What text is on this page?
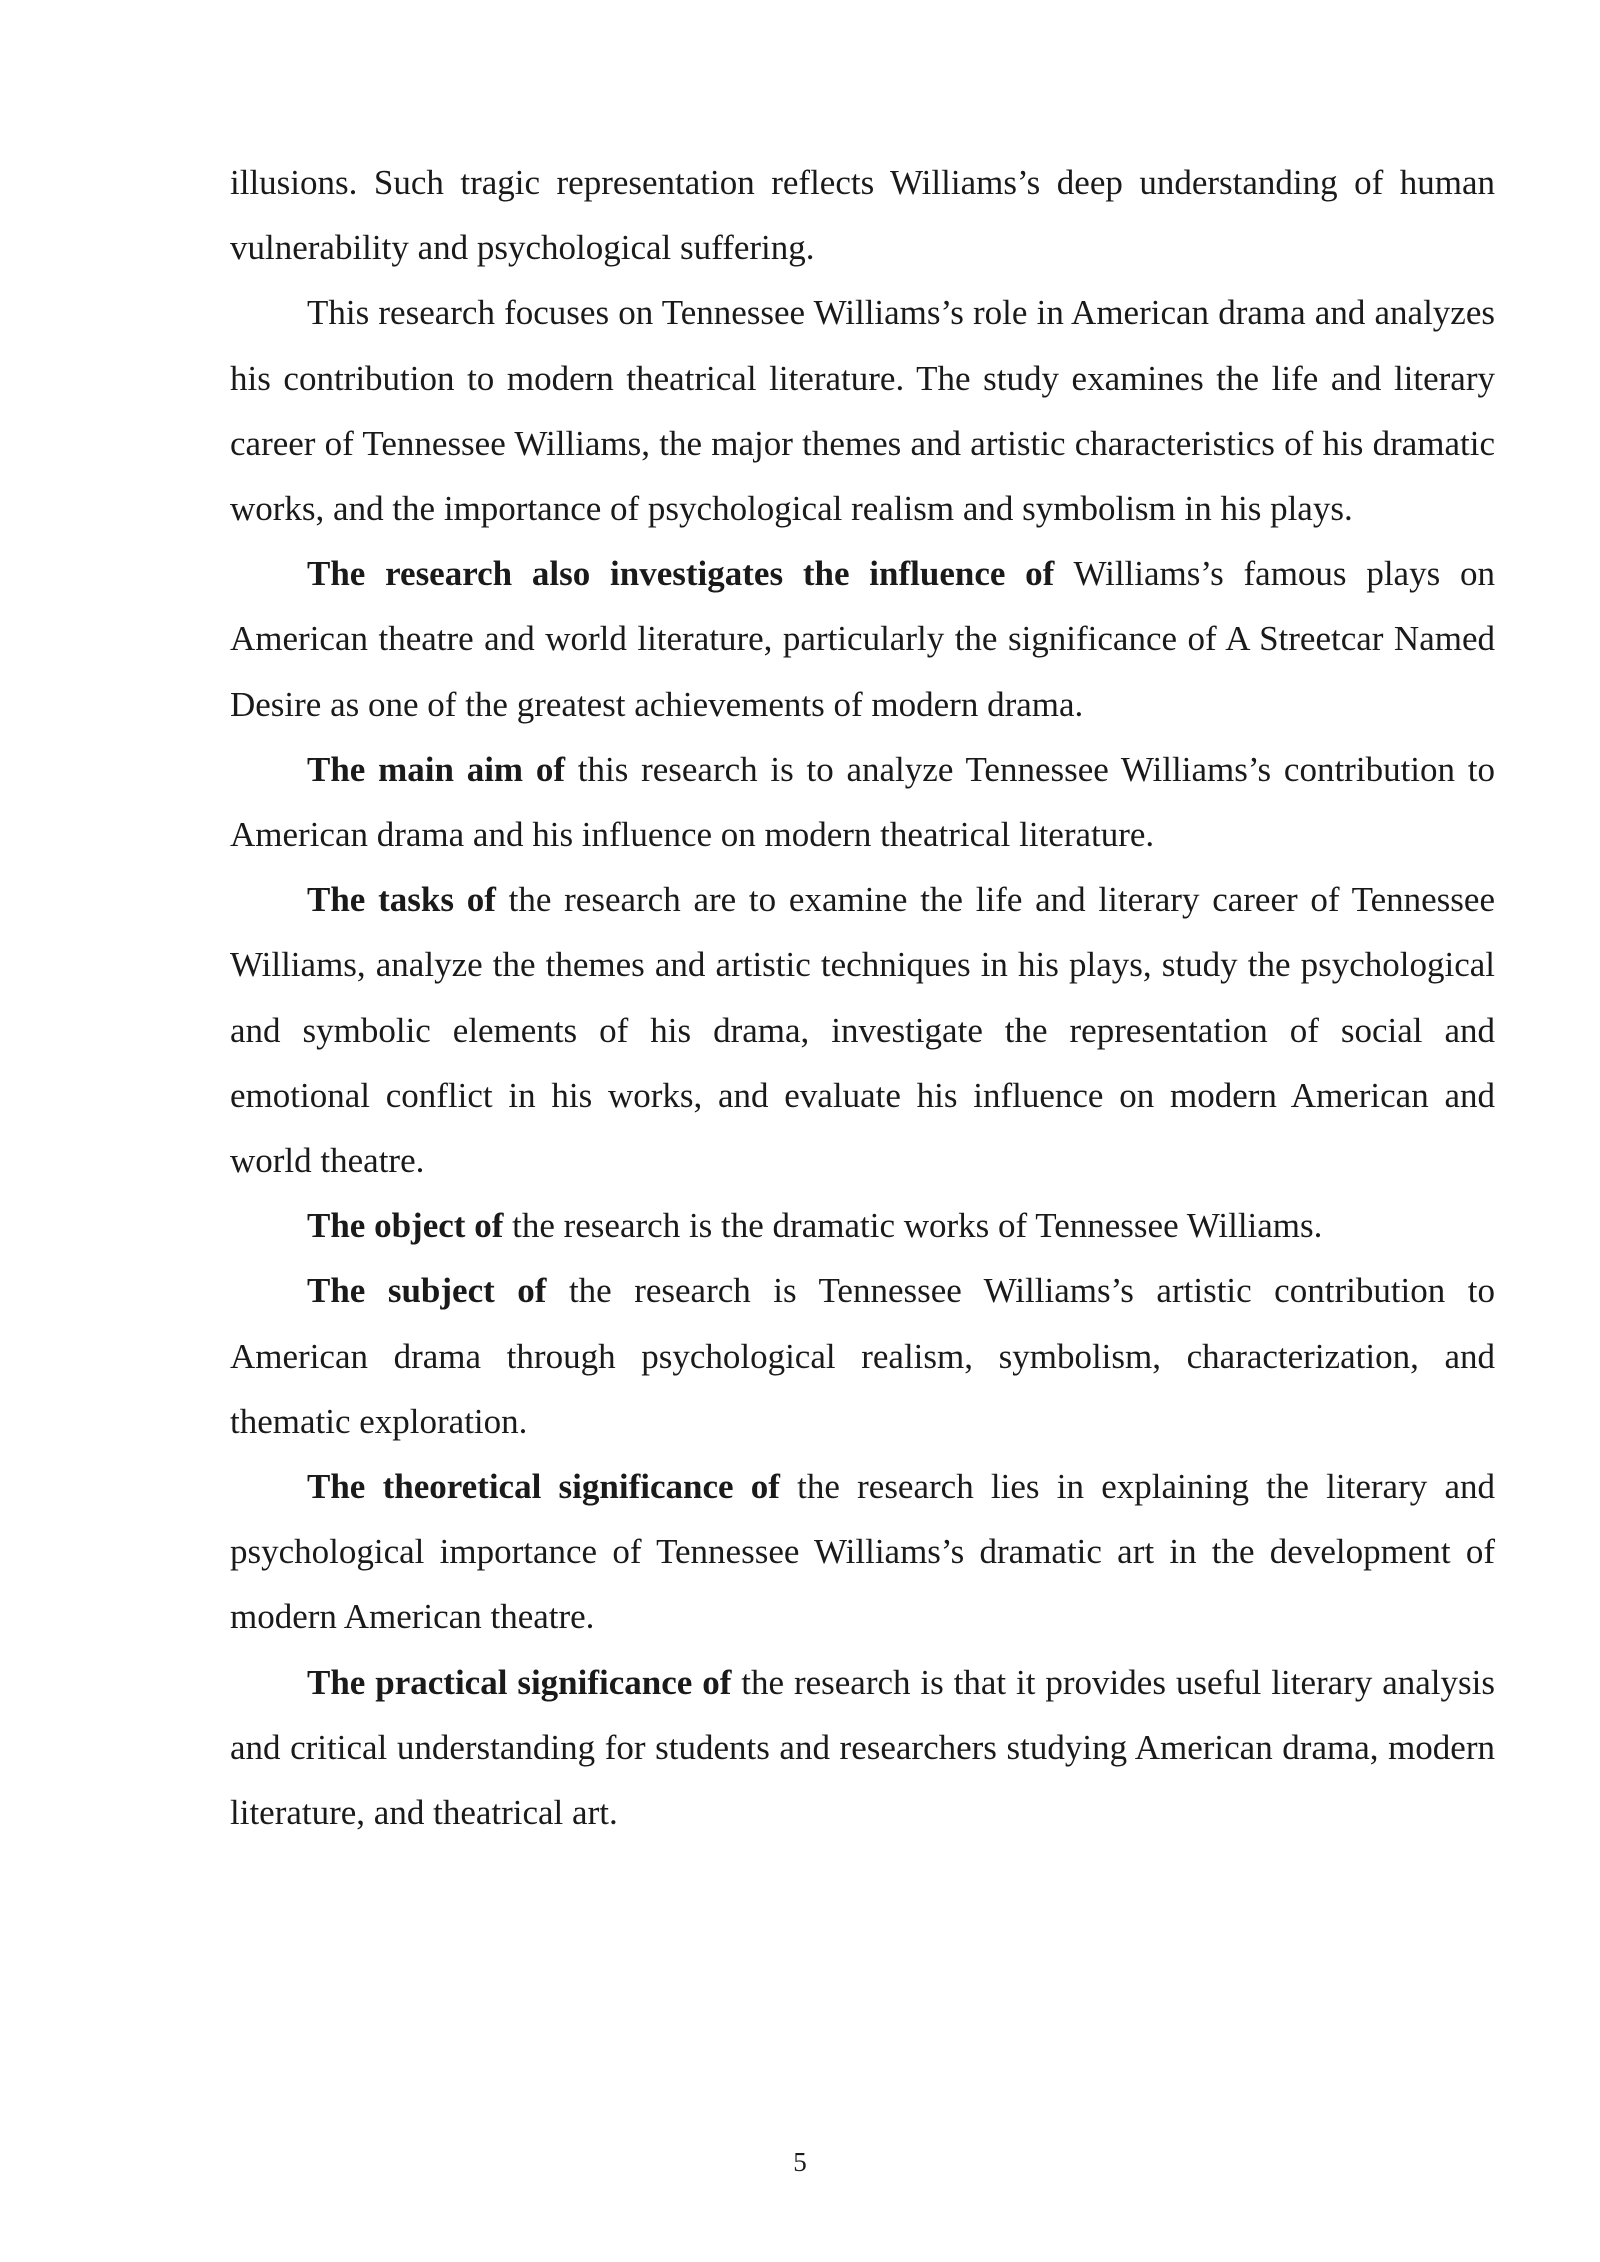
illusions. Such tragic representation reflects Williams’s deep understanding of human vulnerability and psychological suffering.

This research focuses on Tennessee Williams’s role in American drama and analyzes his contribution to modern theatrical literature. The study examines the life and literary career of Tennessee Williams, the major themes and artistic characteristics of his dramatic works, and the importance of psychological realism and symbolism in his plays.

The research also investigates the influence of Williams’s famous plays on American theatre and world literature, particularly the significance of A Streetcar Named Desire as one of the greatest achievements of modern drama.

The main aim of this research is to analyze Tennessee Williams’s contribution to American drama and his influence on modern theatrical literature.

The tasks of the research are to examine the life and literary career of Tennessee Williams, analyze the themes and artistic techniques in his plays, study the psychological and symbolic elements of his drama, investigate the representation of social and emotional conflict in his works, and evaluate his influence on modern American and world theatre.

The object of the research is the dramatic works of Tennessee Williams.

The subject of the research is Tennessee Williams’s artistic contribution to American drama through psychological realism, symbolism, characterization, and thematic exploration.

The theoretical significance of the research lies in explaining the literary and psychological importance of Tennessee Williams’s dramatic art in the development of modern American theatre.

The practical significance of the research is that it provides useful literary analysis and critical understanding for students and researchers studying American drama, modern literature, and theatrical art.

5
